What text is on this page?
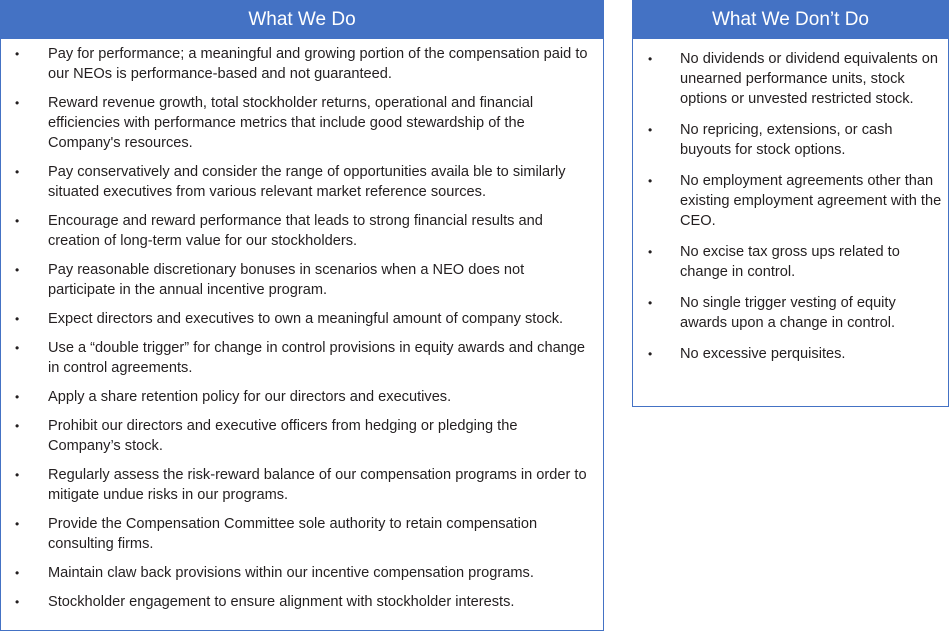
What We Do
• Pay for performance; a meaningful and growing portion of the compensation paid to our NEOs is performance-based and not guaranteed.
• Reward revenue growth, total stockholder returns, operational and financial efficiencies with performance metrics that include good stewardship of the Company's resources.
• Pay conservatively and consider the range of opportunities availa ble to similarly situated executives from various relevant market reference sources.
• Encourage and reward performance that leads to strong financial results and creation of long-term value for our stockholders.
• Pay reasonable discretionary bonuses in scenarios when a NEO does not participate in the annual incentive program.
• Expect directors and executives to own a meaningful amount of company stock.
• Use a “double trigger” for change in control provisions in equity awards and change in control agreements.
• Apply a share retention policy for our directors and executives.
• Prohibit our directors and executive officers from hedging or pledging the Company’s stock.
• Regularly assess the risk-reward balance of our compensation programs in order to mitigate undue risks in our programs.
• Provide the Compensation Committee sole authority to retain compensation consulting firms.
• Maintain claw back provisions within our incentive compensation programs.
• Stockholder engagement to ensure alignment with stockholder interests.
What We Don’t Do
• No dividends or dividend equivalents on unearned performance units, stock options or unvested restricted stock.
• No repricing, extensions, or cash buyouts for stock options.
• No employment agreements other than existing employment agreement with the CEO.
• No excise tax gross ups related to change in control.
• No single trigger vesting of equity awards upon a change in control.
• No excessive perquisites.
